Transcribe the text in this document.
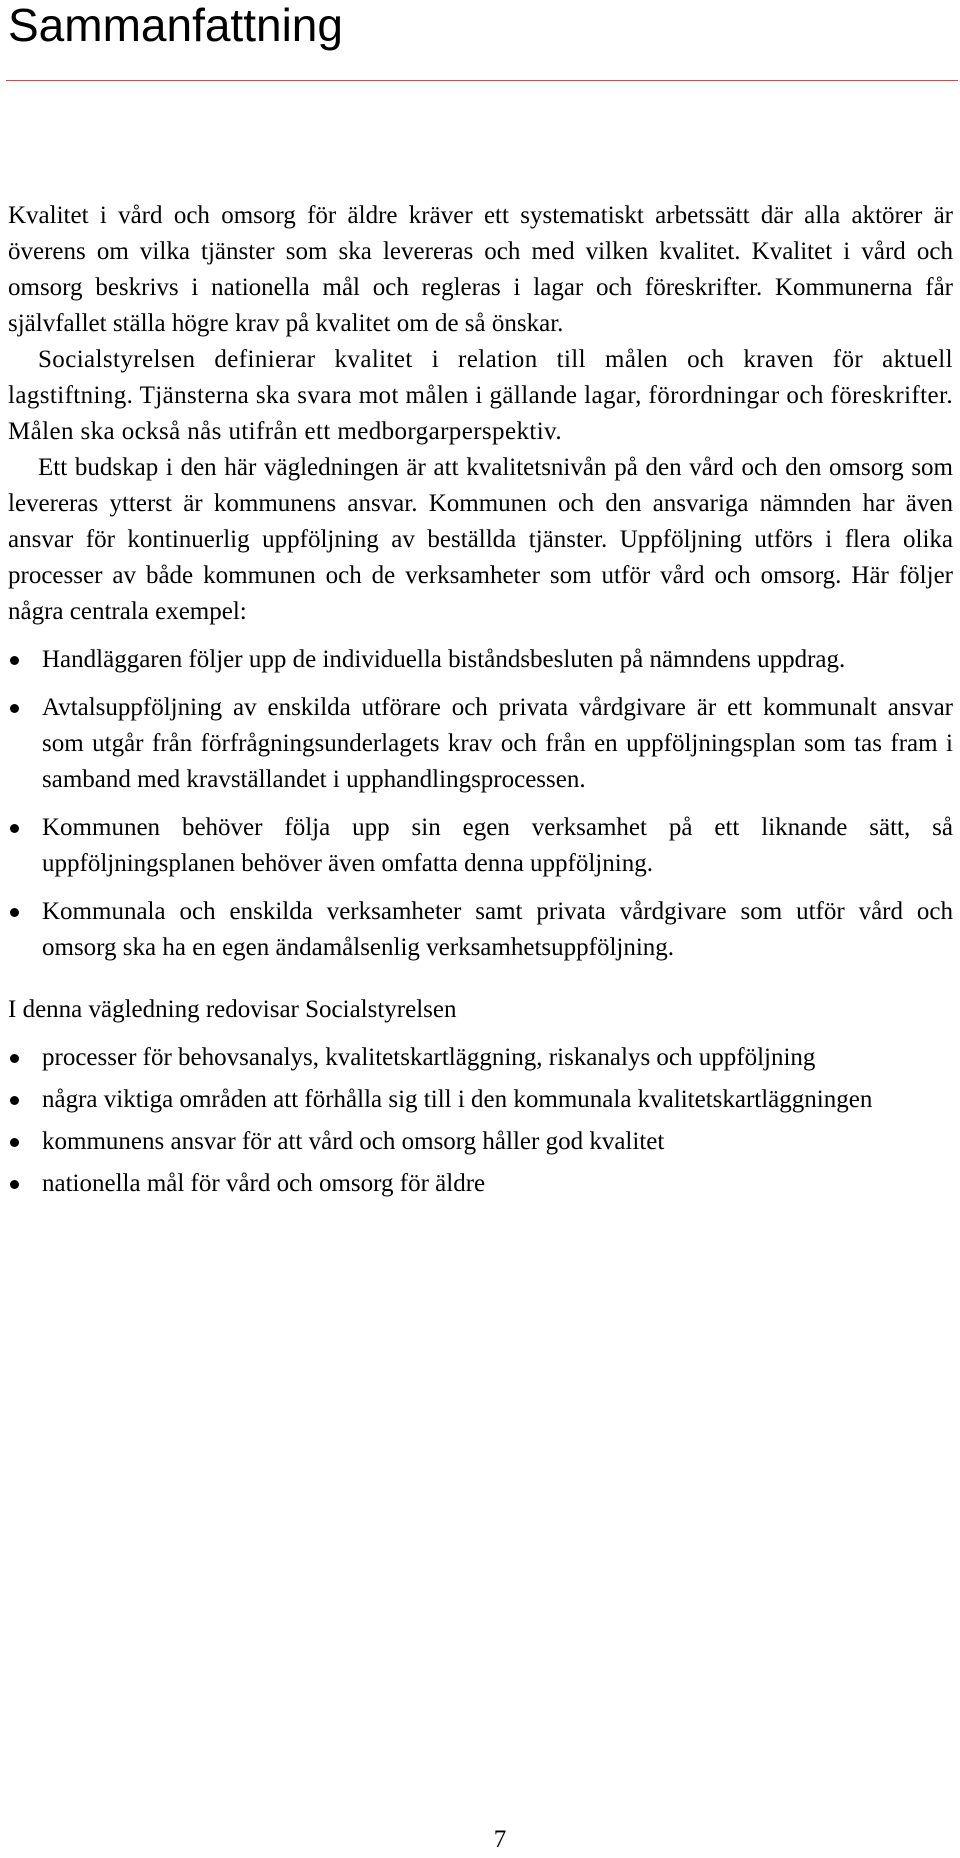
Sammanfattning

Kvalitet i vård och omsorg för äldre kräver ett systematiskt arbetssätt där alla aktörer är överens om vilka tjänster som ska levereras och med vilken kvalitet. Kvalitet i vård och omsorg beskrivs i nationella mål och regleras i lagar och föreskrifter. Kommunerna får självfallet ställa högre krav på kvalitet om de så önskar.

Socialstyrelsen definierar kvalitet i relation till målen och kraven för aktuell lagstiftning. Tjänsterna ska svara mot målen i gällande lagar, förordningar och föreskrifter. Målen ska också nås utifrån ett medborgarperspektiv.

Ett budskap i den här vägledningen är att kvalitetsnivån på den vård och den omsorg som levereras ytterst är kommunens ansvar. Kommunen och den ansvariga nämnden har även ansvar för kontinuerlig uppföljning av beställda tjänster. Uppföljning utförs i flera olika processer av både kommunen och de verksamheter som utför vård och omsorg. Här följer några centrala exempel:

Handläggaren följer upp de individuella biståndsbesluten på nämndens uppdrag.
Avtalsuppföljning av enskilda utförare och privata vårdgivare är ett kommunalt ansvar som utgår från förfrågningsunderlagets krav och från en uppföljningsplan som tas fram i samband med kravställandet i upphandlingsprocessen.
Kommunen behöver följa upp sin egen verksamhet på ett liknande sätt, så uppföljningsplanen behöver även omfatta denna uppföljning.
Kommunala och enskilda verksamheter samt privata vårdgivare som utför vård och omsorg ska ha en egen ändamålsenlig verksamhetsuppföljning.

I denna vägledning redovisar Socialstyrelsen

processer för behovsanalys, kvalitetskartläggning, riskanalys och uppföljning
några viktiga områden att förhålla sig till i den kommunala kvalitetskartläggningen
kommunens ansvar för att vård och omsorg håller god kvalitet
nationella mål för vård och omsorg för äldre
7
